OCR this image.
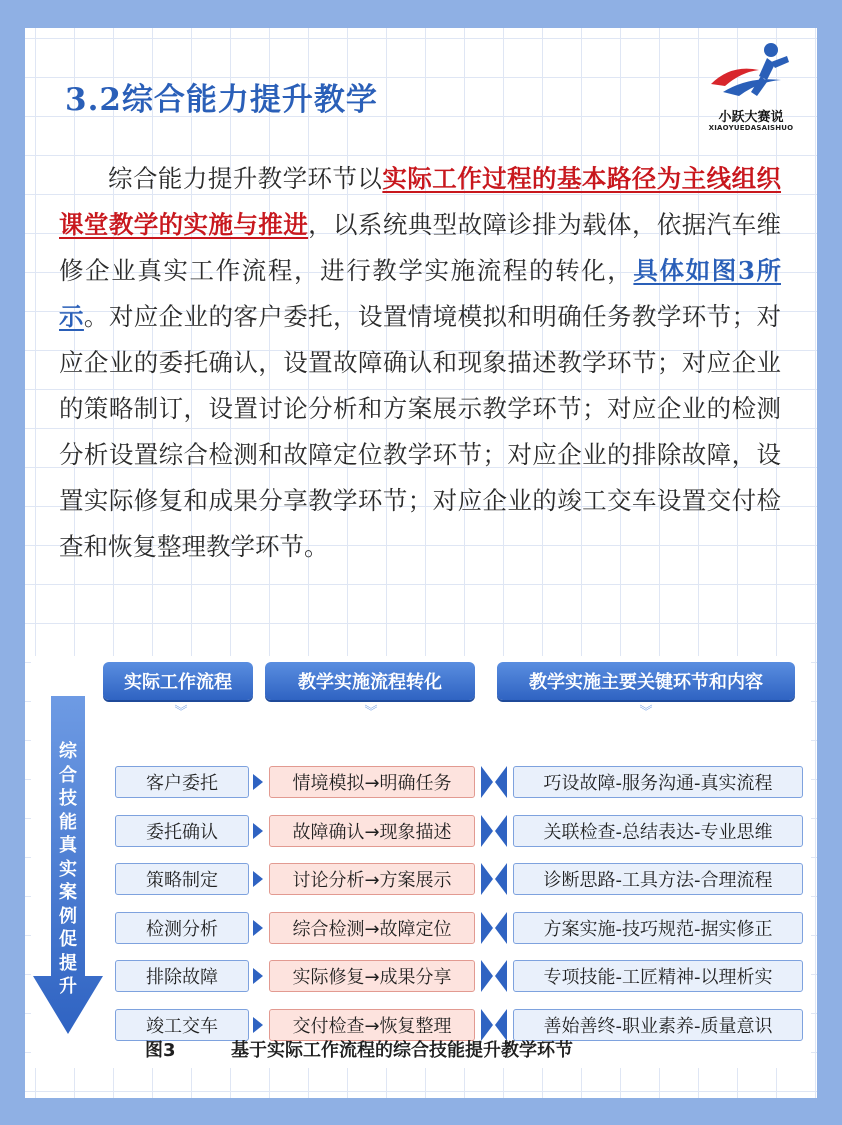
3.2综合能力提升教学	小跃大赛说
XIAOYUEDASAISHUO
综合能力提升教学环节以实际工作过程的基本路径为主线组织课堂教学的实施与推进，以系统典型故障诊排为载体，依据汽车维修企业真实工作流程，进行教学实施流程的转化，具体如图3所示。对应企业的客户委托，设置情境模拟和明确任务教学环节；对应企业的委托确认，设置故障确认和现象描述教学环节；对应企业的策略制订，设置讨论分析和方案展示教学环节；对应企业的检测分析设置综合检测和故障定位教学环节；对应企业的排除故障，设置实际修复和成果分享教学环节；对应企业的竣工交车设置交付检查和恢复整理教学环节。
实际工作流程	教学实施流程转化	教学实施主要关键环节和内容
︾	︾	︾
综合技能真实案例促提升
客户委托	情境模拟→明确任务	巧设故障-服务沟通-真实流程
委托确认	故障确认→现象描述	关联检查-总结表达-专业思维
策略制定	讨论分析→方案展示	诊断思路-工具方法-合理流程
检测分析	综合检测→故障定位	方案实施-技巧规范-据实修正
排除故障	实际修复→成果分享	专项技能-工匠精神-以理析实
竣工交车	交付检查→恢复整理	善始善终-职业素养-质量意识
图3	基于实际工作流程的综合技能提升教学环节
